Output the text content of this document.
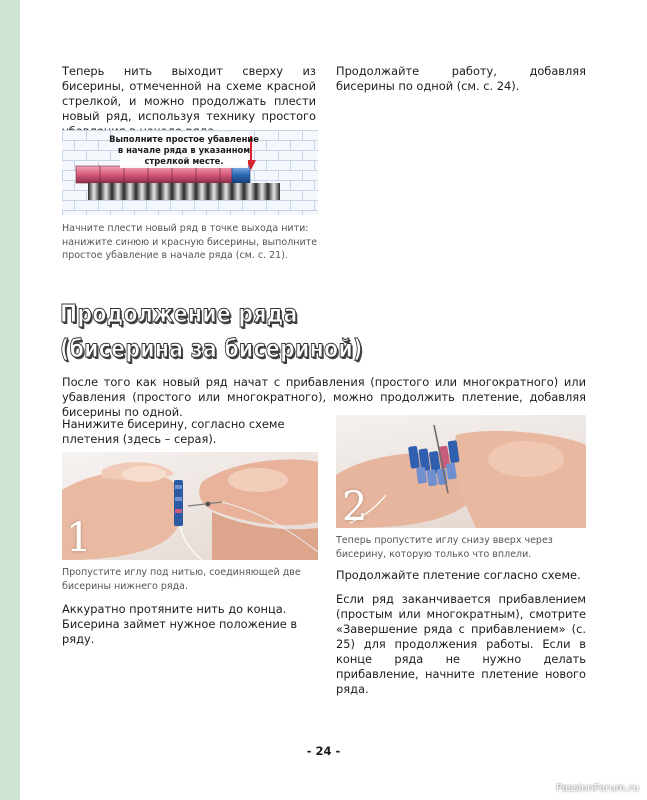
Теперь нить выходит сверху из бисерины, отмеченной на схеме красной стрелкой, и можно продолжать плести новый ряд, используя технику простого
Продолжайте работу, добавляя бисерины по одной (см. с. 24).
Выполните простое убавление
в начале ряда в указанном
стрелкой месте.
Начните плести новый ряд в точке выхода нити: нанижите синюю и красную бисерины, выполните простое убавление в начале ряда (см. с. 21).
Продолжение ряда
(бисерина за бисериной)
После того как новый ряд начат с прибавления (простого или многократного) или убавления (простого или многократного), можно продолжить плетение, добавляя бисерины по одной.
Нанижите бисерину, согласно схеме плетения (здесь – серая).
1
Пропустите иглу под нитью, соединяющей две бисерины нижнего ряда.
Аккуратно протяните нить до конца. Бисерина займет нужное положение в ряду.
2
Теперь пропустите иглу снизу вверх через бисерину, которую только что вплели.
Продолжайте плетение согласно схеме.
Если ряд заканчивается прибавлением (простым или многократным), смотрите «Завершение ряда с прибавлением» (с. 25) для продолжения работы. Если в конце ряда не нужно делать прибавление, начните плетение нового ряда.
- 24 -
PassionForum.ru
